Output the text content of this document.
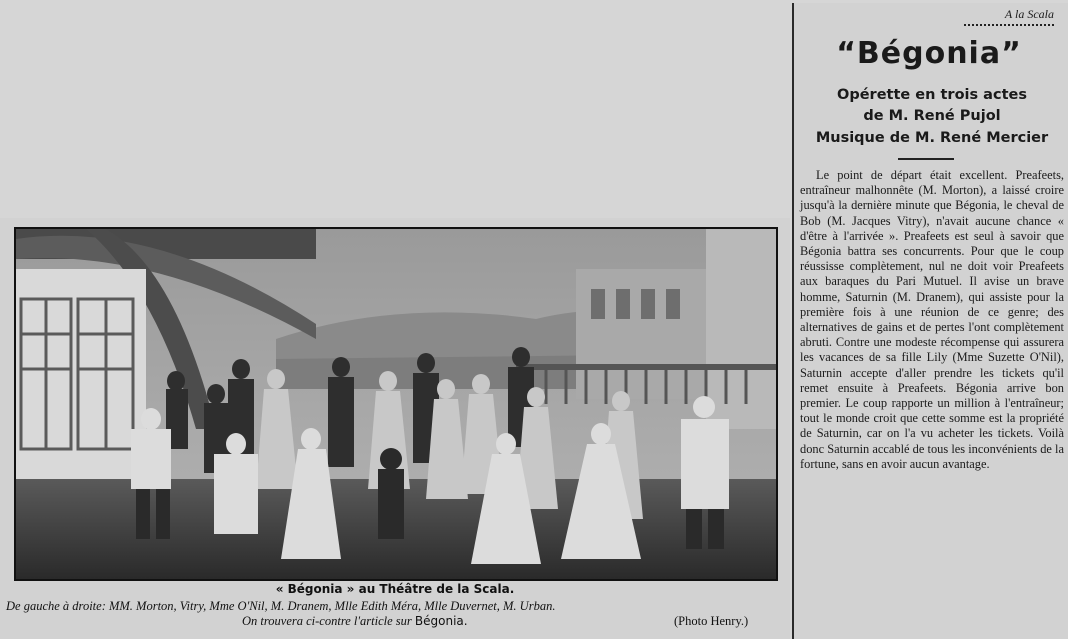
« Bégonia » au Théâtre de la Scala.
De gauche à droite: MM. Morton, Vitry, Mme O'Nil, M. Dranem, Mlle Edith Méra, Mlle Duvernet, M. Urban.
On trouvera ci-contre l'article sur Bégonia.	(Photo Henry.)
A la Scala
“Bégonia”
Opérette en trois actes
de M. René Pujol
Musique de M. René Mercier

Le point de départ était excellent. Preafeets, entraîneur malhonnête (M. Morton), a laissé croire jusqu'à la dernière minute que Bégonia, le cheval de Bob (M. Jacques Vitry), n'avait aucune chance « d'être à l'arrivée ». Preafeets est seul à savoir que Bégonia battra ses concurrents. Pour que le coup réussisse complètement, nul ne doit voir Preafeets aux baraques du Pari Mutuel. Il avise un brave homme, Saturnin (M. Dranem), qui assiste pour la première fois à une réunion de ce genre; des alternatives de gains et de pertes l'ont complètement abruti. Contre une modeste récompense qui assurera les vacances de sa fille Lily (Mme Suzette O'Nil), Saturnin accepte d'aller prendre les tickets qu'il remet ensuite à Preafeets. Bégonia arrive bon premier. Le coup rapporte un million à l'entraîneur; tout le monde croit que cette somme est la propriété de Saturnin, car on l'a vu acheter les tickets. Voilà donc Saturnin accablé de tous les inconvénients de la fortune, sans en avoir aucun avantage.
